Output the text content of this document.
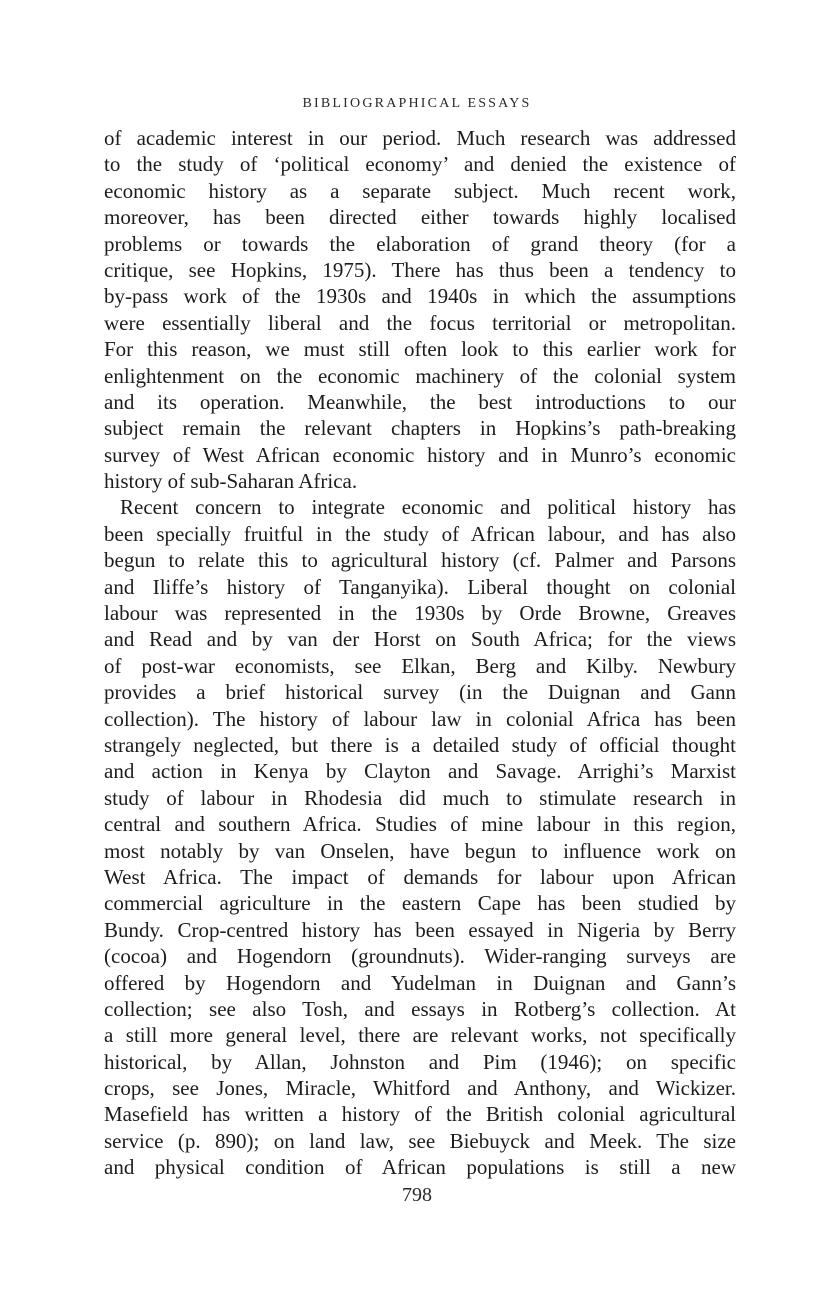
BIBLIOGRAPHICAL ESSAYS
of academic interest in our period. Much research was addressed
to the study of ‘political economy’ and denied the existence of
economic history as a separate subject. Much recent work,
moreover, has been directed either towards highly localised
problems or towards the elaboration of grand theory (for a
critique, see Hopkins, 1975). There has thus been a tendency to
by-pass work of the 1930s and 1940s in which the assumptions
were essentially liberal and the focus territorial or metropolitan.
For this reason, we must still often look to this earlier work for
enlightenment on the economic machinery of the colonial system
and its operation. Meanwhile, the best introductions to our
subject remain the relevant chapters in Hopkins’s path-breaking
survey of West African economic history and in Munro’s economic
history of sub-Saharan Africa.
Recent concern to integrate economic and political history has
been specially fruitful in the study of African labour, and has also
begun to relate this to agricultural history (cf. Palmer and Parsons
and Iliffe’s history of Tanganyika). Liberal thought on colonial
labour was represented in the 1930s by Orde Browne, Greaves
and Read and by van der Horst on South Africa; for the views
of post-war economists, see Elkan, Berg and Kilby. Newbury
provides a brief historical survey (in the Duignan and Gann
collection). The history of labour law in colonial Africa has been
strangely neglected, but there is a detailed study of official thought
and action in Kenya by Clayton and Savage. Arrighi’s Marxist
study of labour in Rhodesia did much to stimulate research in
central and southern Africa. Studies of mine labour in this region,
most notably by van Onselen, have begun to influence work on
West Africa. The impact of demands for labour upon African
commercial agriculture in the eastern Cape has been studied by
Bundy. Crop-centred history has been essayed in Nigeria by Berry
(cocoa) and Hogendorn (groundnuts). Wider-ranging surveys are
offered by Hogendorn and Yudelman in Duignan and Gann’s
collection; see also Tosh, and essays in Rotberg’s collection. At
a still more general level, there are relevant works, not specifically
historical, by Allan, Johnston and Pim (1946); on specific
crops, see Jones, Miracle, Whitford and Anthony, and Wickizer.
Masefield has written a history of the British colonial agricultural
service (p. 890); on land law, see Biebuyck and Meek. The size
and physical condition of African populations is still a new
798
